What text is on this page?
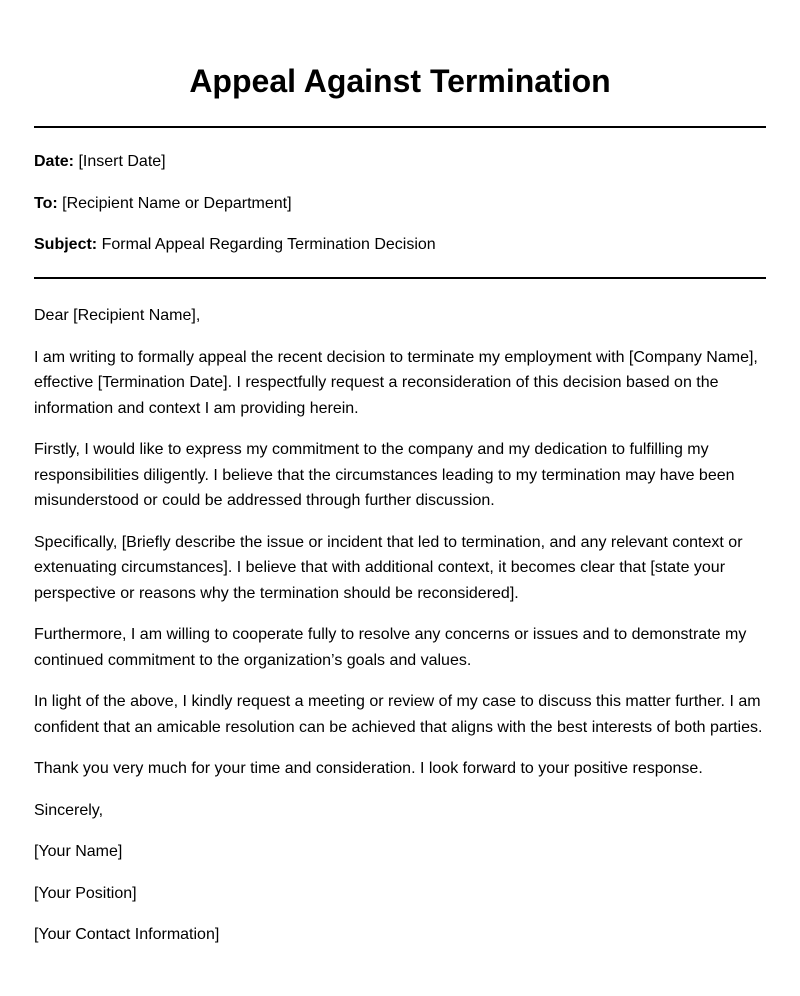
Appeal Against Termination
Date: [Insert Date]
To: [Recipient Name or Department]
Subject: Formal Appeal Regarding Termination Decision

Dear [Recipient Name],

I am writing to formally appeal the recent decision to terminate my employment with [Company Name], effective [Termination Date]. I respectfully request a reconsideration of this decision based on the information and context I am providing herein.

Firstly, I would like to express my commitment to the company and my dedication to fulfilling my responsibilities diligently. I believe that the circumstances leading to my termination may have been misunderstood or could be addressed through further discussion.

Specifically, [Briefly describe the issue or incident that led to termination, and any relevant context or extenuating circumstances]. I believe that with additional context, it becomes clear that [state your perspective or reasons why the termination should be reconsidered].

Furthermore, I am willing to cooperate fully to resolve any concerns or issues and to demonstrate my continued commitment to the organization’s goals and values.

In light of the above, I kindly request a meeting or review of my case to discuss this matter further. I am confident that an amicable resolution can be achieved that aligns with the best interests of both parties.

Thank you very much for your time and consideration. I look forward to your positive response.

Sincerely,

[Your Name]

[Your Position]

[Your Contact Information]
